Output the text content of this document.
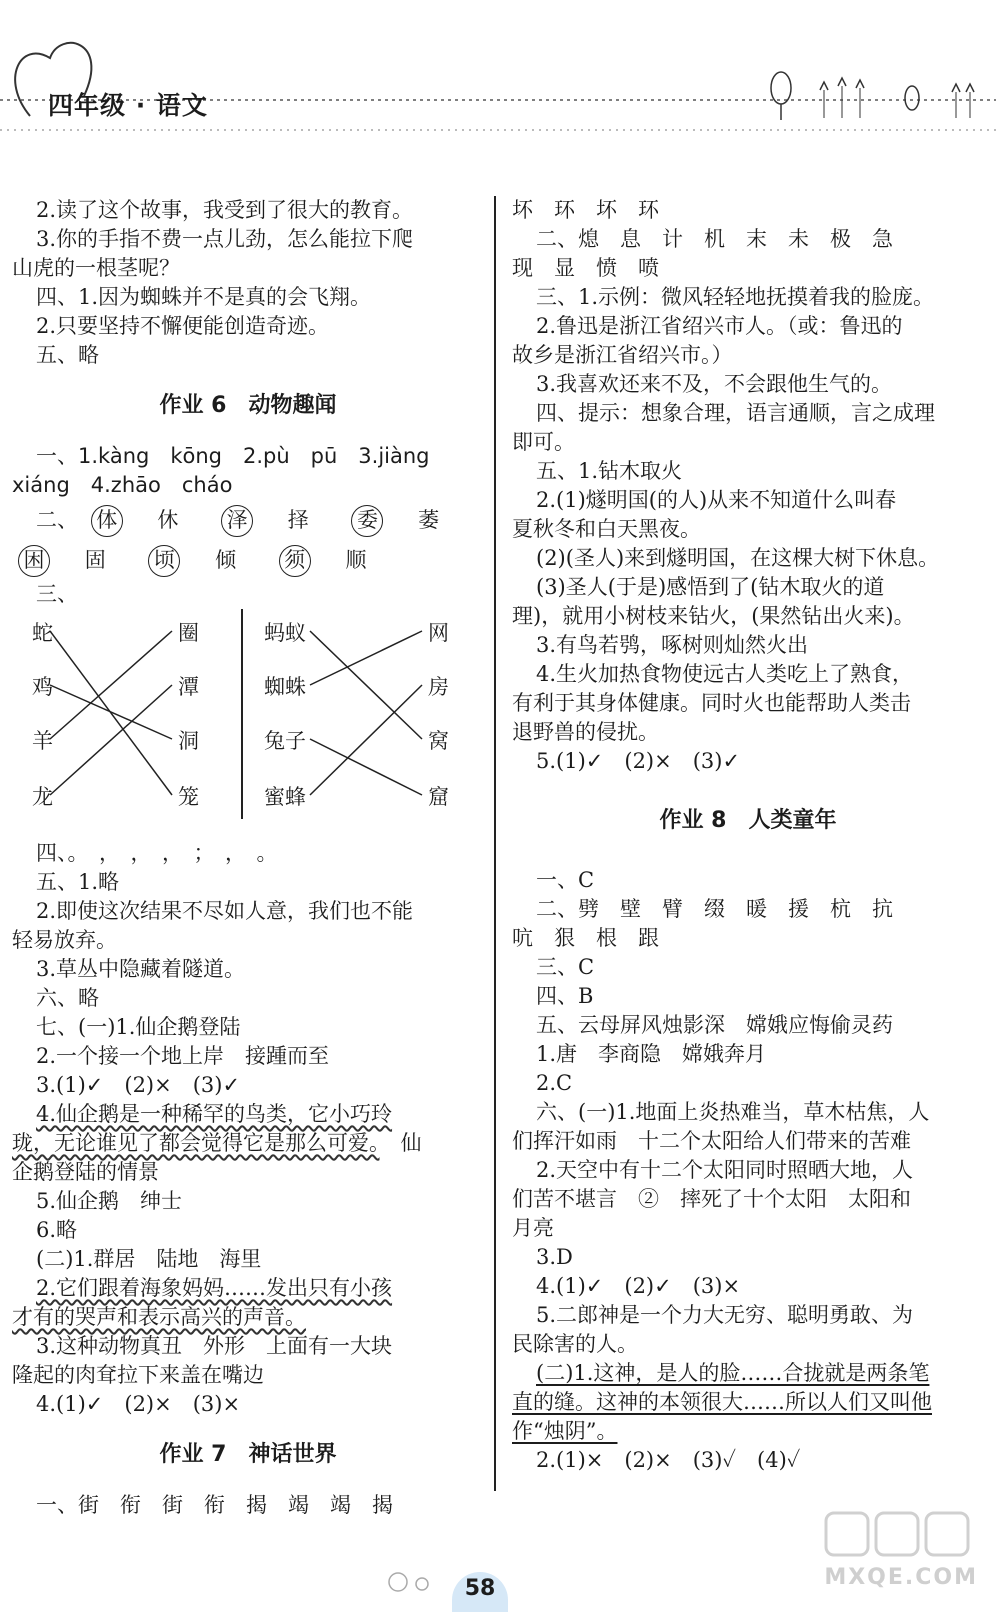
四年级 · 语文
2.读了这个故事，我受到了很大的教育。
3.你的手指不费一点儿劲，怎么能拉下爬
山虎的一根茎呢？
四、1.因为蜘蛛并不是真的会飞翔。
2.只要坚持不懈便能创造奇迹。
五、略
作业 6　动物趣闻
一、1.kàng　kōng　2.pù　pū　3.jiàng
xiáng　4.zhāo　cháo
二、 体 休 泽 择 委 萎
困 固 顷 倾 须 顺
三、
蛇
鸡
羊
龙
圈
潭
洞
笼
蚂蚁
蜘蛛
兔子
蜜蜂
网
房
窝
窟
四、。　，　，　，　；　，　。
五、1.略
2.即使这次结果不尽如人意，我们也不能
轻易放弃。
3.草丛中隐藏着隧道。
六、略
七、(一)1.仙企鹅登陆
2.一个接一个地上岸　接踵而至
3.(1)✓　(2)×　(3)✓
4.仙企鹅是一种稀罕的鸟类，它小巧玲
珑，无论谁见了都会觉得它是那么可爱。　仙
企鹅登陆的情景
5.仙企鹅　绅士
6.略
(二)1.群居　陆地　海里
2.它们跟着海象妈妈……发出只有小孩
才有的哭声和表示高兴的声音。
3.这种动物真丑　外形　上面有一大块
隆起的肉耷拉下来盖在嘴边
4.(1)✓　(2)×　(3)×
作业 7　神话世界
一、街　衔　街　衔　揭　竭　竭　揭
坏　环　坏　环
二、熄　息　计　机　末　未　极　急
现　显　愤　喷
三、1.示例：微风轻轻地抚摸着我的脸庞。
2.鲁迅是浙江省绍兴市人。（或：鲁迅的
故乡是浙江省绍兴市。）
3.我喜欢还来不及，不会跟他生气的。
四、提示：想象合理，语言通顺，言之成理
即可。
五、1.钻木取火
2.(1)燧明国(的人)从来不知道什么叫春
夏秋冬和白天黑夜。
(2)(圣人)来到燧明国，在这棵大树下休息。
(3)圣人(于是)感悟到了(钻木取火的道
理)，就用小树枝来钻火，(果然钻出火来)。
3.有鸟若鸮，啄树则灿然火出
4.生火加热食物使远古人类吃上了熟食，
有利于其身体健康。同时火也能帮助人类击
退野兽的侵扰。
5.(1)✓　(2)×　(3)✓
作业 8　人类童年
一、C
二、劈　壁　臂　缀　暖　援　杭　抗
吭　狠　根　跟
三、C
四、B
五、云母屏风烛影深　嫦娥应悔偷灵药
1.唐　李商隐　嫦娥奔月
2.C
六、(一)1.地面上炎热难当，草木枯焦，人
们挥汗如雨　十二个太阳给人们带来的苦难
2.天空中有十二个太阳同时照晒大地，人
们苦不堪言　②　摔死了十个太阳　太阳和
月亮
3.D
4.(1)✓　(2)✓　(3)×
5.二郎神是一个力大无穷、聪明勇敢、为
民除害的人。
(二)1.这神，是人的脸……合拢就是两条笔
直的缝。这神的本领很大……所以人们又叫他
作“烛阴”。
2.(1)×　(2)×　(3)✓　(4)✓
58	MXQE.COM
